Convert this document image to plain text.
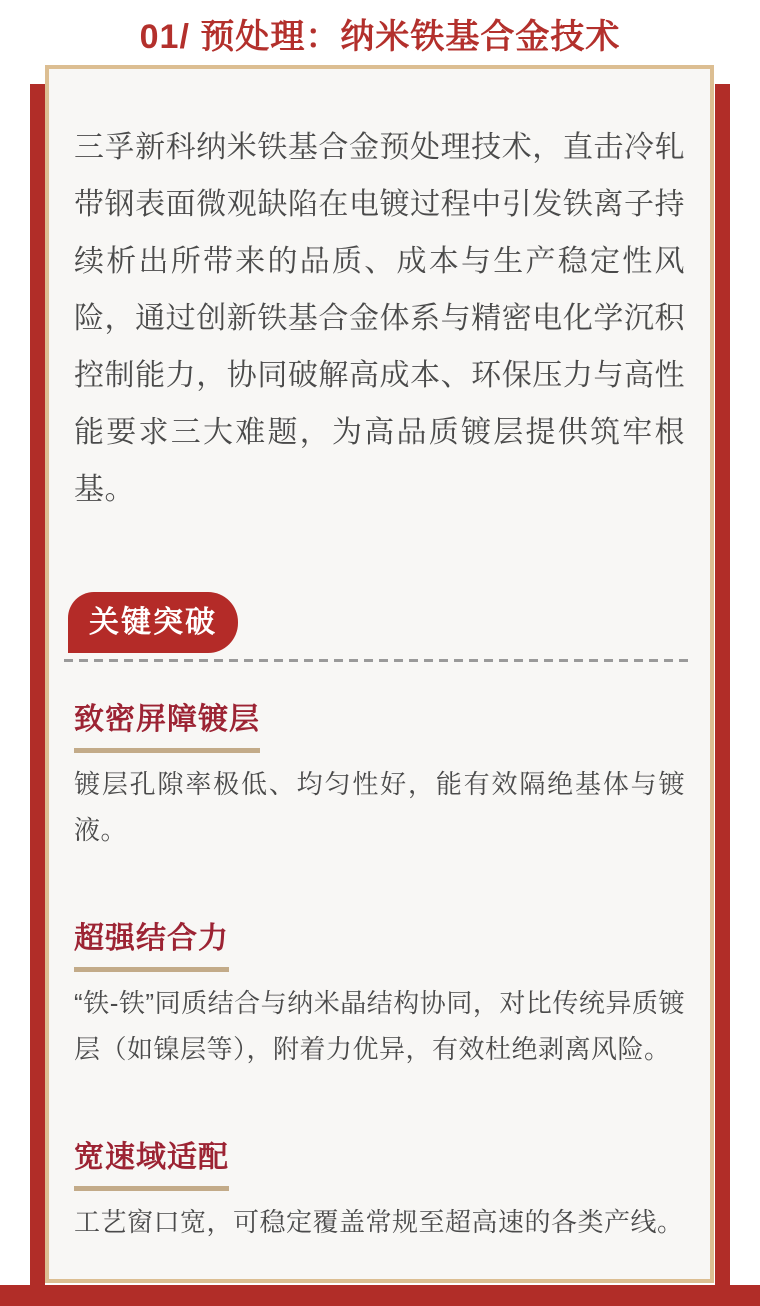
01/ 预处理：纳米铁基合金技术

三孚新科纳米铁基合金预处理技术，直击冷轧带钢表面微观缺陷在电镀过程中引发铁离子持续析出所带来的品质、成本与生产稳定性风险，通过创新铁基合金体系与精密电化学沉积控制能力，协同破解高成本、环保压力与高性能要求三大难题，为高品质镀层提供筑牢根基。

关键突破
致密屏障镀层

镀层孔隙率极低、均匀性好，能有效隔绝基体与镀液。

超强结合力

“铁-铁”同质结合与纳米晶结构协同，对比传统异质镀层（如镍层等），附着力优异，有效杜绝剥离风险。

宽速域适配

工艺窗口宽，可稳定覆盖常规至超高速的各类产线。
